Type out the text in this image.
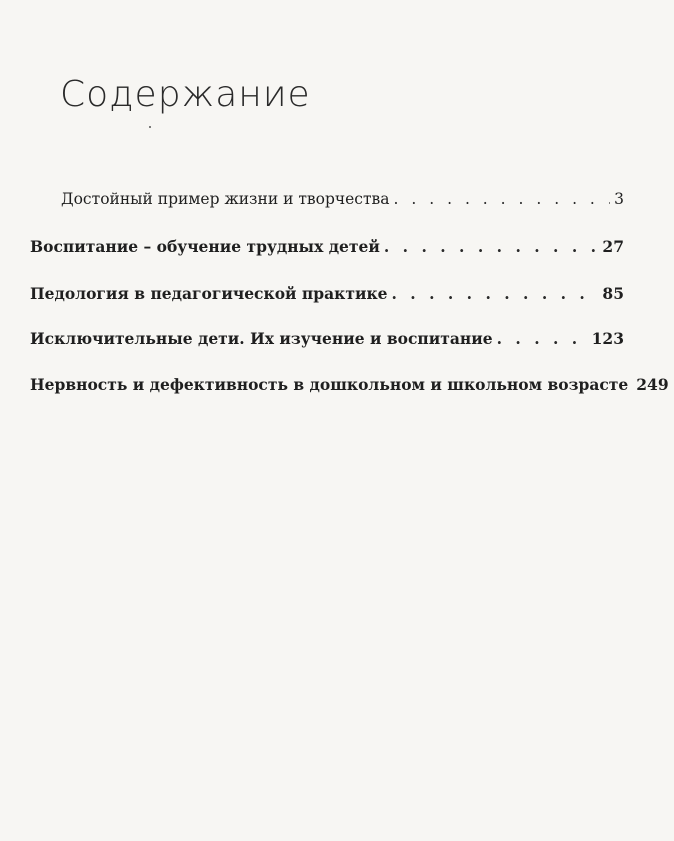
Содержание
Достойный пример жизни и творчества . . .	3
Воспитание – обучение трудных детей . . .	27
Педология в педагогической практике . . .	85
Исключительные дети. Их изучение и воспитание . . .	123
Нервность и дефективность в дошкольном и школьном возрасте 249
